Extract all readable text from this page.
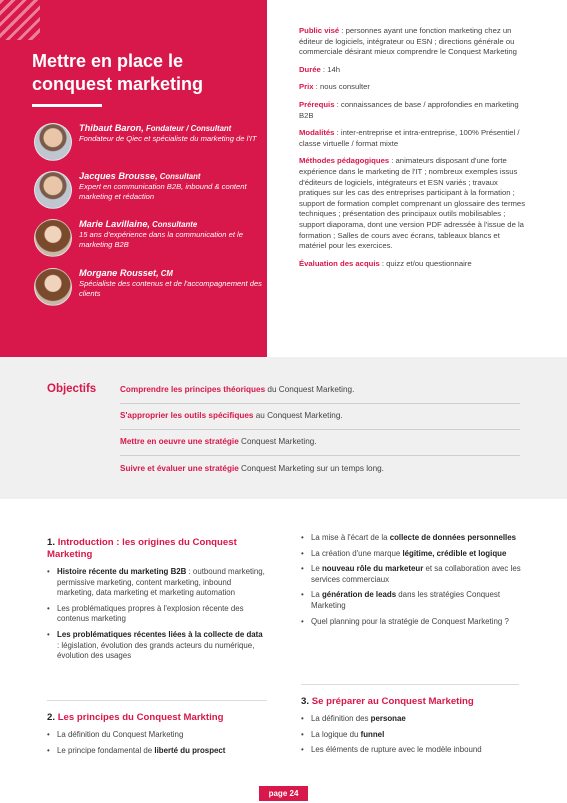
Mettre en place le conquest marketing
Thibaut Baron, Fondateur / Consultant
Fondateur de Qiec et spécialiste du marketing de l'IT
Jacques Brousse, Consultant
Expert en communication B2B, inbound & content marketing et rédaction
Marie Lavillaine, Consultante
15 ans d'expérience dans la communication et le marketing B2B
Morgane Rousset, CM
Spécialiste des contenus et de l'accompagnement des clients

Public visé : personnes ayant une fonction marketing chez un éditeur de logiciels, intégrateur ou ESN ; directions générale ou commerciale désirant mieux comprendre le Conquest Marketing

Durée : 14h

Prix : nous consulter

Prérequis : connaissances de base / approfondies en marketing B2B

Modalités : inter-entreprise et intra-entreprise, 100% Présentiel / classe virtuelle / format mixte

Méthodes pédagogiques : animateurs disposant d'une forte expérience dans le marketing de l'IT ; nombreux exemples issus d'éditeurs de logiciels, intégrateurs et ESN variés ; travaux pratiques sur les cas des entreprises participant à la formation ; support de formation complet comprenant un glossaire des termes techniques ; présentation des principaux outils mobilisables ; support diaporama, dont une version PDF adressée à l'issue de la formation ; Salles de cours avec écrans, tableaux blancs et matériel pour les exercices.

Évaluation des acquis : quizz et/ou questionnaire

Objectifs	Comprendre les principes théoriques du Conquest Marketing.
S'approprier les outils spécifiques au Conquest Marketing.
Mettre en oeuvre une stratégie Conquest Marketing.
Suivre et évaluer une stratégie Conquest Marketing sur un temps long.
1. Introduction : les origines du Conquest Marketing
• Histoire récente du marketing B2B : outbound marketing, permissive marketing, content marketing, inbound marketing, data marketing et marketing automation
• Les problématiques propres à l'explosion récente des contenus marketing
• Les problématiques récentes liées à la collecte de data : législation, évolution des grands acteurs du numérique, évolution des usages
2. Les principes du Conquest Markting
• La définition du Conquest Marketing
• Le principe fondamental de liberté du prospect
• La mise à l'écart de la collecte de données personnelles
• La création d'une marque légitime, crédible et logique
• Le nouveau rôle du marketeur et sa collaboration avec les services commerciaux
• La génération de leads dans les stratégies Conquest Marketing
• Quel planning pour la stratégie de Conquest Marketing ?
3. Se préparer au Conquest Marketing
• La définition des personae
• La logique du funnel
• Les éléments de rupture avec le modèle inbound
page 24
